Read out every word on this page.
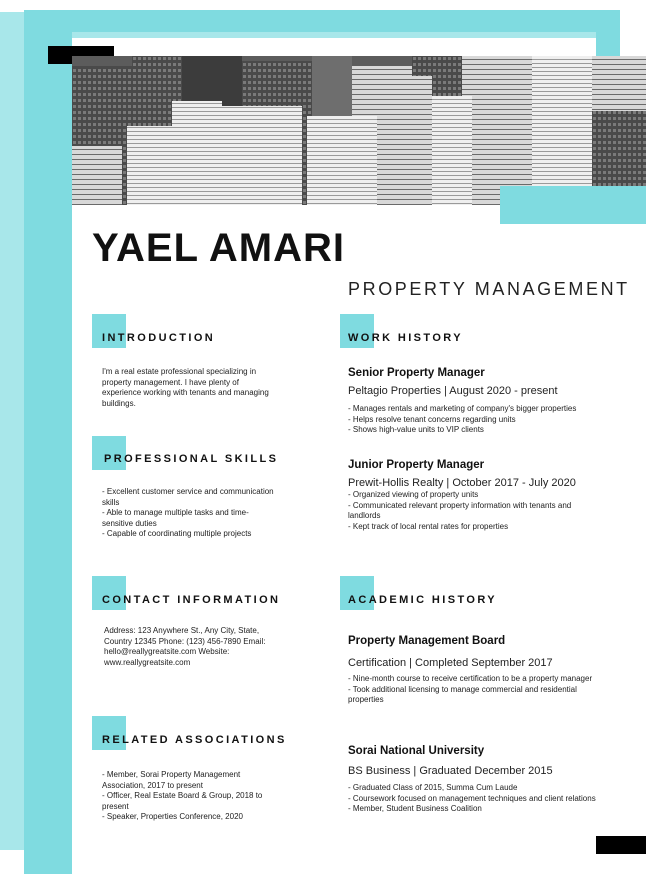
YAEL AMARI
PROPERTY MANAGEMENT
INTRODUCTION
I'm a real estate professional specializing in property management. I have plenty of experience working with tenants and managing buildings.
PROFESSIONAL SKILLS
- Excellent customer service and communication skills
- Able to manage multiple tasks and time-sensitive duties
- Capable of coordinating multiple projects
CONTACT INFORMATION
Address: 123 Anywhere St., Any City, State, Country 12345 Phone: (123) 456-7890 Email: hello@reallygreatsite.com Website: www.reallygreatsite.com
RELATED ASSOCIATIONS
- Member, Sorai Property Management Association, 2017 to present
- Officer, Real Estate Board & Group, 2018 to present
- Speaker, Properties Conference, 2020
WORK HISTORY
Senior Property Manager
Peltagio Properties | August 2020 - present
- Manages rentals and marketing of company's bigger properties
- Helps resolve tenant concerns regarding units
- Shows high-value units to VIP clients
Junior Property Manager
Prewit-Hollis Realty | October 2017 - July 2020
- Organized viewing of property units
- Communicated relevant property information with tenants and landlords
- Kept track of local rental rates for properties
ACADEMIC HISTORY
Property Management Board
Certification | Completed September 2017
- Nine-month course to receive certification to be a property manager
- Took additional licensing to manage commercial and residential properties
Sorai National University
BS Business | Graduated December 2015
- Graduated Class of 2015, Summa Cum Laude
- Coursework focused on management techniques and client relations
- Member, Student Business Coalition
